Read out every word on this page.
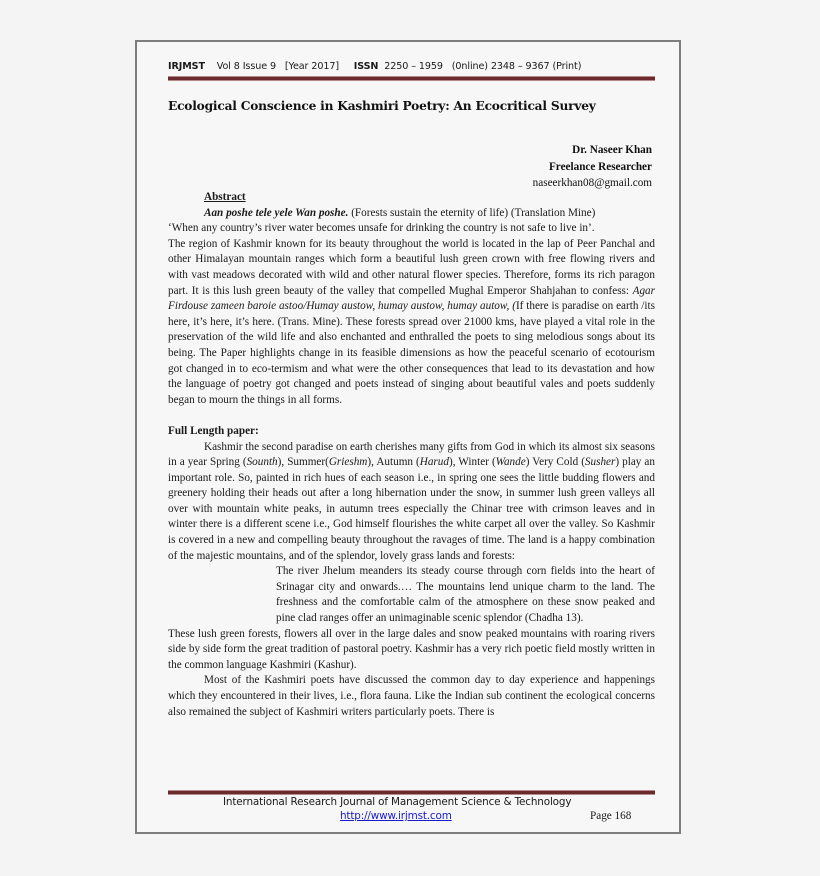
IRJMST Vol 8 Issue 9 [Year 2017] ISSN 2250 – 1959 (0nline) 2348 – 9367 (Print)
Ecological Conscience in Kashmiri Poetry: An Ecocritical Survey
Dr. Naseer Khan
Freelance Researcher
naseerkhan08@gmail.com

Abstract

Aan poshe tele yele Wan poshe. (Forests sustain the eternity of life) (Translation Mine)

‘When any country’s river water becomes unsafe for drinking the country is not safe to live in’.

The region of Kashmir known for its beauty throughout the world is located in the lap of Peer Panchal and other Himalayan mountain ranges which form a beautiful lush green crown with free flowing rivers and with vast meadows decorated with wild and other natural flower species. Therefore, forms its rich paragon part. It is this lush green beauty of the valley that compelled Mughal Emperor Shahjahan to confess: Agar Firdouse zameen baroie astoo/Humay austow, humay austow, humay autow, (If there is paradise on earth /its here, it’s here, it’s here. (Trans. Mine). These forests spread over 21000 kms, have played a vital role in the preservation of the wild life and also enchanted and enthralled the poets to sing melodious songs about its being. The Paper highlights change in its feasible dimensions as how the peaceful scenario of ecotourism got changed in to eco-termism and what were the other consequences that lead to its devastation and how the language of poetry got changed and poets instead of singing about beautiful vales and poets suddenly began to mourn the things in all forms.

Full Length paper:

Kashmir the second paradise on earth cherishes many gifts from God in which its almost six seasons in a year Spring (Sounth), Summer(Grieshm), Autumn (Harud), Winter (Wande) Very Cold (Susher) play an important role. So, painted in rich hues of each season i.e., in spring one sees the little budding flowers and greenery holding their heads out after a long hibernation under the snow, in summer lush green valleys all over with mountain white peaks, in autumn trees especially the Chinar tree with crimson leaves and in winter there is a different scene i.e., God himself flourishes the white carpet all over the valley. So Kashmir is covered in a new and compelling beauty throughout the ravages of time. The land is a happy combination of the majestic mountains, and of the splendor, lovely grass lands and forests:

The river Jhelum meanders its steady course through corn fields into the heart of Srinagar city and onwards.… The mountains lend unique charm to the land. The freshness and the comfortable calm of the atmosphere on these snow peaked and pine clad ranges offer an unimaginable scenic splendor (Chadha 13).

These lush green forests, flowers all over in the large dales and snow peaked mountains with roaring rivers side by side form the great tradition of pastoral poetry. Kashmir has a very rich poetic field mostly written in the common language Kashmiri (Kashur).

Most of the Kashmiri poets have discussed the common day to day experience and happenings which they encountered in their lives, i.e., flora fauna. Like the Indian sub continent the ecological concerns also remained the subject of Kashmiri writers particularly poets. There is

International Research Journal of Management Science & Technology
http://www.irjmst.com	Page 168
